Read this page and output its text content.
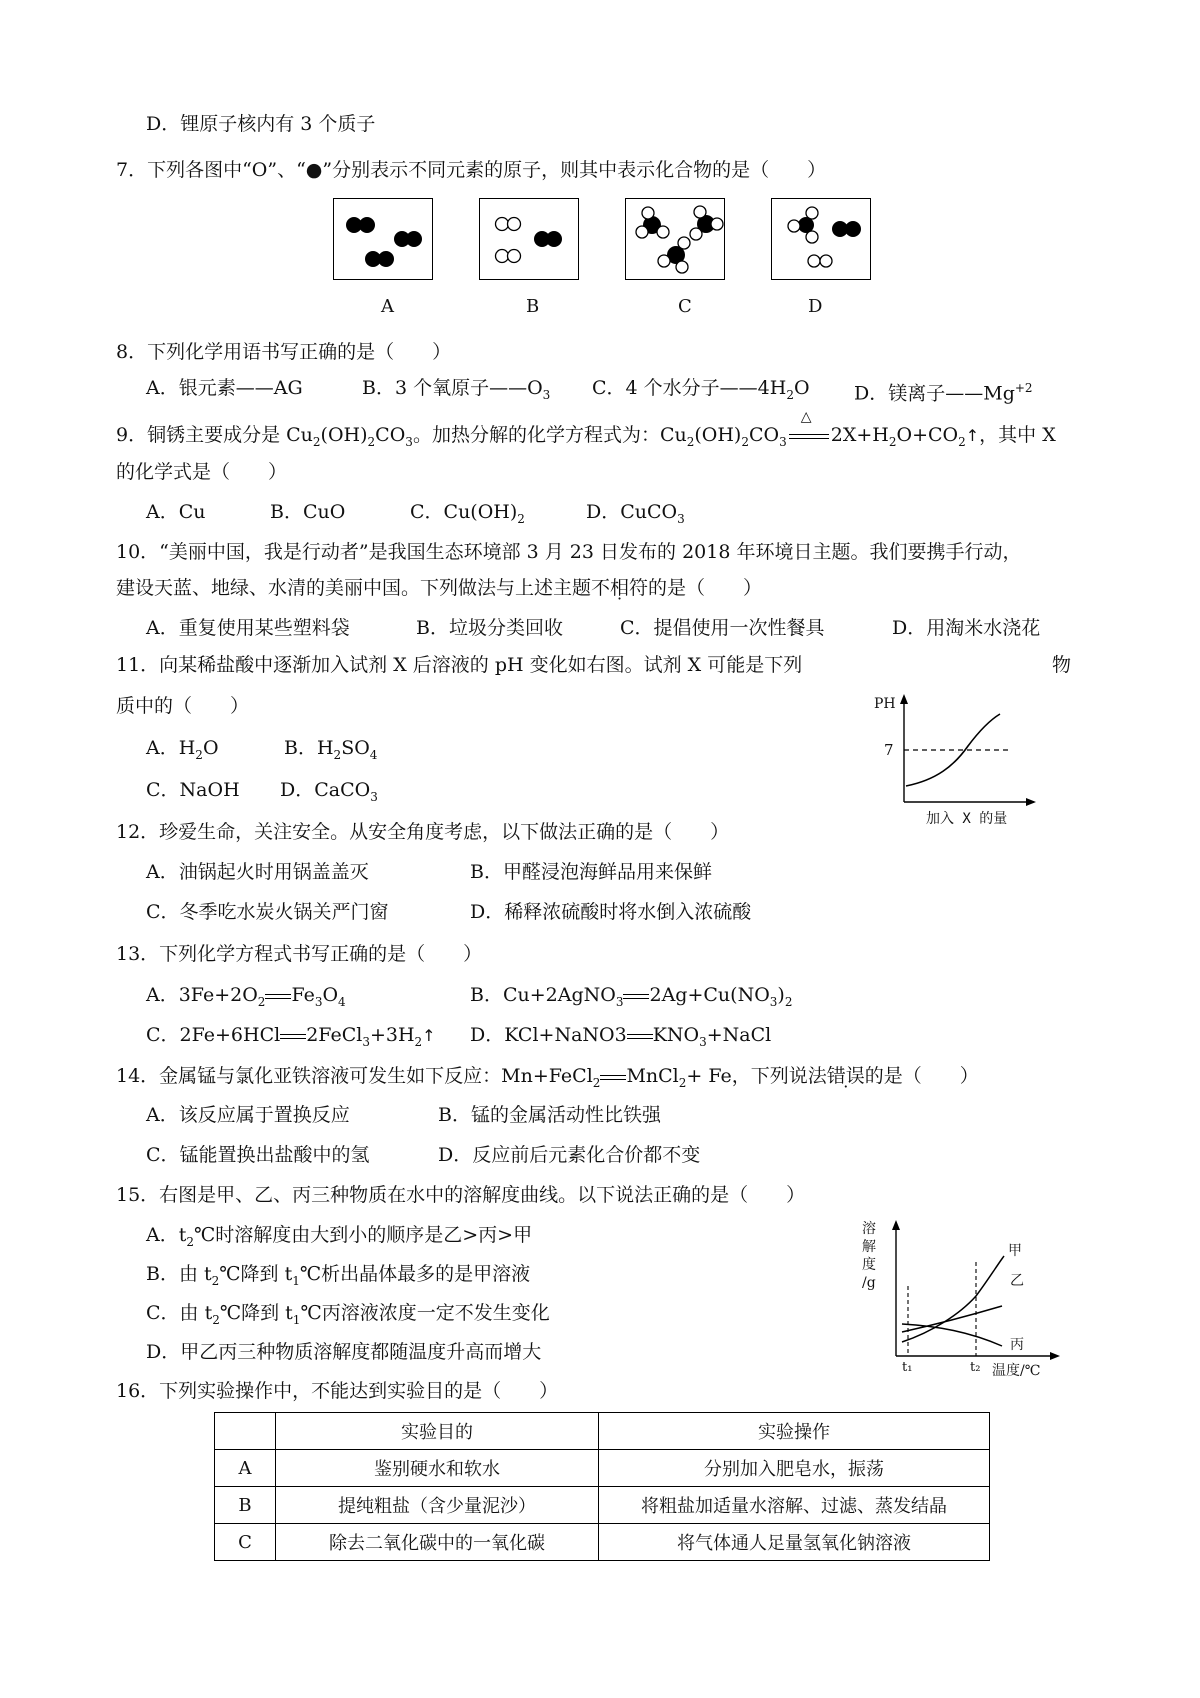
D．锂原子核内有 3 个质子
7．下列各图中“O”、“●”分别表示不同元素的原子，则其中表示化合物的是（　　）
A	B	C	D
8．下列化学用语书写正确的是（　　）
A．银元素——AG	B．3 个氧原子$——O_3$ C．4 个水分子$——4H_2O$ D．镁离子$——Mg^{+2}$
9．铜锈主要成分是 $Cu_2(OH)_2CO_3$。加热分解的化学方程式为：$Cu_2(OH)_2CO_3$
△
$2X+H_2O+CO_2↑$，其中 X
的化学式是（　　）
A．Cu	B．CuO	C．$Cu(OH)_2$	D．CuCO$_3$
10．“美丽中国，我是行动者”是我国生态环境部 3 月 23 日发布的 2018 年环境日主题。我们要携手行动，
建设天蓝、地绿、水清的美丽中国。下列做法与上述主题不相符的是（　　）
A．重复使用某些塑料袋	B．垃圾分类回收	C．提倡使用一次性餐具	D．用淘米水浇花
11．向某稀盐酸中逐渐加入试剂 X 后溶液的 pH 变化如右图。试剂 X 可能是下列	物
质中的（　　）
A．$H_2O$	B．$H_2SO_4$
C．NaOH D．CaCO$_3$
PH
7
加入 X 的量
12．珍爱生命，关注安全。从安全角度考虑，以下做法正确的是（　　）
A．油锅起火时用锅盖盖灭	B．甲醛浸泡海鲜品用来保鲜
C．冬季吃水炭火锅关严门窗	D．稀释浓硫酸时将水倒入浓硫酸
13．下列化学方程式书写正确的是（　　）
A．$3Fe+2O_2$ $Fe_3O_4$	B．Cu+2AgNO$_3$ $2Ag+Cu(NO_3)_2$
C．2Fe+6HCl $2FeCl_3+3H_2↑$ D．KCl+NaNO3 $KNO_3+NaCl$
14．金属锰与氯化亚铁溶液可发生如下反应：Mn+FeCl$_2$ MnCl$_2$+ Fe，下列说法错误的是（　　）
A．该反应属于置换反应	B．锰的金属活动性比铁强
C．锰能置换出盐酸中的氢	D．反应前后元素化合价都不变
15．右图是甲、乙、丙三种物质在水中的溶解度曲线。以下说法正确的是（　　）
A．$t_2℃$时溶解度由大到小的顺序是乙>丙>甲
B．由 $t_2℃$降到 $t_1℃$析出晶体最多的是甲溶液
C．由 $t_2℃$降到 $t_1℃$丙溶液浓度一定不发生变化
D．甲乙丙三种物质溶解度都随温度升高而增大
溶
解
度
/g
甲
乙
丙
t₁	t₂ 温度/℃
16．下列实验操作中，不能达到实验目的是（　　）
	实验目的	实验操作
A	鉴别硬水和软水	分别加入肥皂水，振荡
B	提纯粗盐（含少量泥沙）	将粗盐加适量水溶解、过滤、蒸发结晶
C	除去二氧化碳中的一氧化碳	将气体通人足量氢氧化钠溶液
